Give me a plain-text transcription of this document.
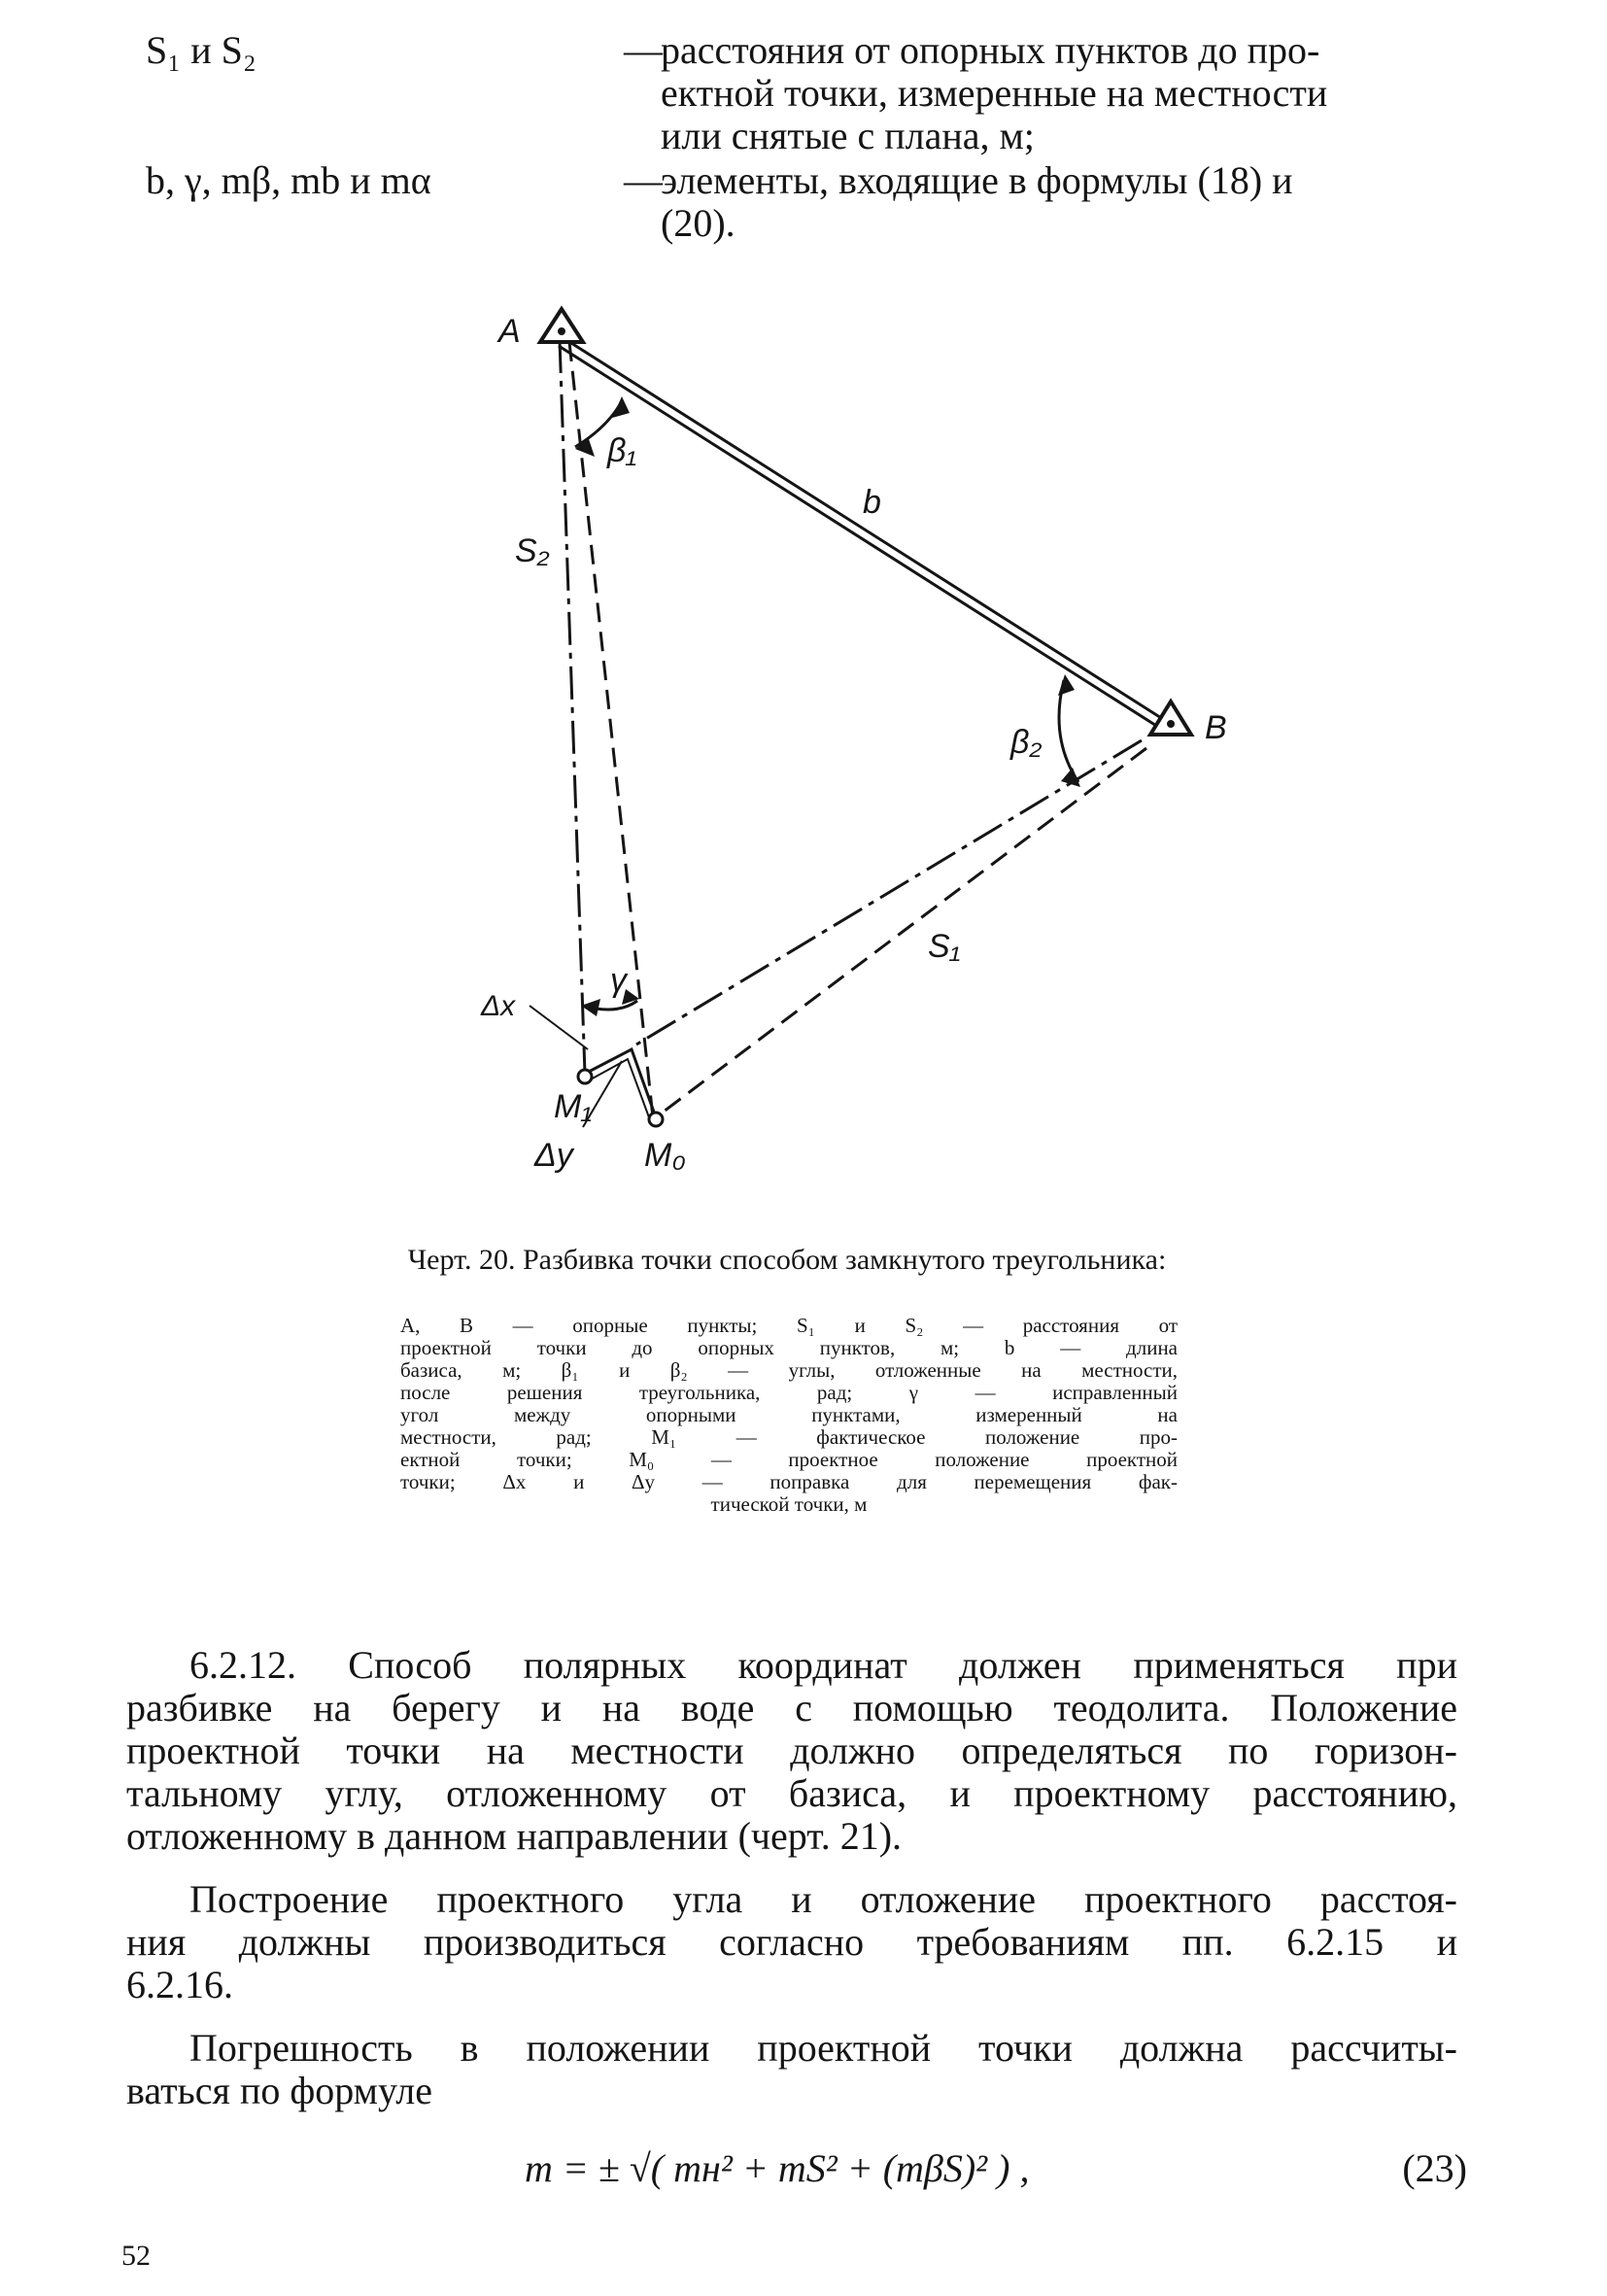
S₁ и S₂	—
расстояния от опорных пунктов до про-
ектной точки, измеренные на местности
или снятые с плана, м;
b, γ, mβ, mb и mα	—
элементы, входящие в формулы (18) и
(20).
A
B
b
S₂
S₁
β₁
β₂
γ
Δx
M₁
Δy M₀
Черт. 20. Разбивка точки способом замкнутого треугольника:
A, B — опорные пункты; S₁ и S₂ — расстояния от
проектной точки до опорных пунктов, м; b — длина
базиса, м; β₁ и β₂ — углы, отложенные на местности,
после решения треугольника, рад; γ — исправленный
угол между опорными пунктами, измеренный на
местности, рад; M₁ — фактическое положение про-
ектной точки; M₀ — проектное положение проектной
точки; Δx и Δy — поправка для перемещения фак-
тической точки, м
6.2.12. Способ полярных координат должен применяться при
разбивке на берегу и на воде с помощью теодолита. Положение
проектной точки на местности должно определяться по горизон-
тальному углу, отложенному от базиса, и проектному расстоянию,
отложенному в данном направлении (черт. 21).
Построение проектного угла и отложение проектного расстоя-
ния должны производиться согласно требованиям пп. 6.2.15 и
6.2.16.
Погрешность в положении проектной точки должна рассчиты-
ваться по формуле
m = ± √( mн² + mS² + (mβS)² ) ,	(23)
52
